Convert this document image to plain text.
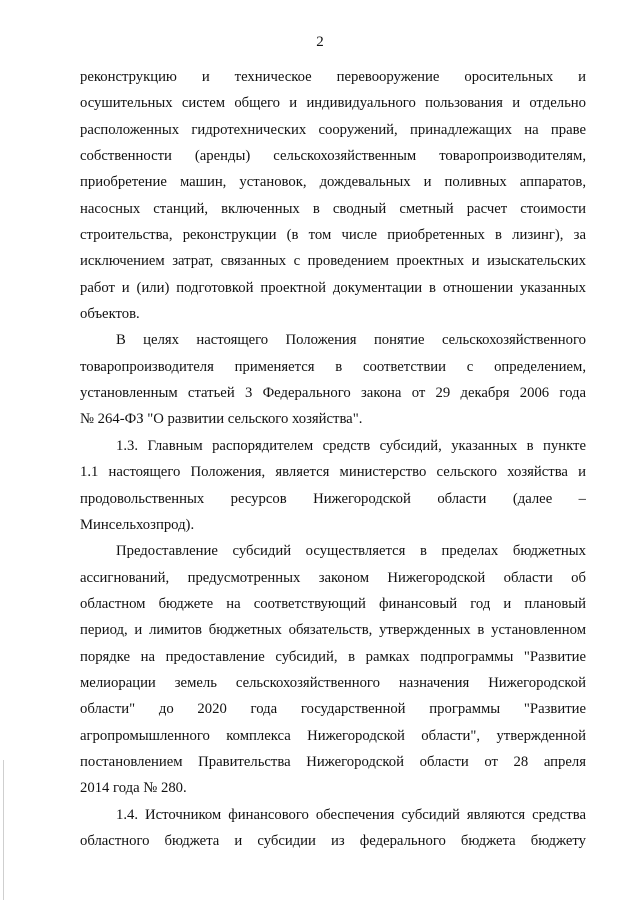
2
реконструкцию и техническое перевооружение оросительных и
осушительных систем общего и индивидуального пользования и отдельно
расположенных гидротехнических сооружений, принадлежащих на праве
собственности (аренды) сельскохозяйственным товаропроизводителям,
приобретение машин, установок, дождевальных и поливных аппаратов,
насосных станций, включенных в сводный сметный расчет стоимости
строительства, реконструкции (в том числе приобретенных в лизинг), за
исключением затрат, связанных с проведением проектных и изыскательских
работ и (или) подготовкой проектной документации в отношении указанных
объектов.
В целях настоящего Положения понятие сельскохозяйственного
товаропроизводителя применяется в соответствии с определением,
установленным статьей 3 Федерального закона от 29 декабря 2006 года
№ 264-ФЗ "О развитии сельского хозяйства".
1.3. Главным распорядителем средств субсидий, указанных в пункте
1.1 настоящего Положения, является министерство сельского хозяйства и
продовольственных ресурсов Нижегородской области (далее –
Минсельхозпрод).
Предоставление субсидий осуществляется в пределах бюджетных
ассигнований, предусмотренных законом Нижегородской области об
областном бюджете на соответствующий финансовый год и плановый
период, и лимитов бюджетных обязательств, утвержденных в установленном
порядке на предоставление субсидий, в рамках подпрограммы "Развитие
мелиорации земель сельскохозяйственного назначения Нижегородской
области" до 2020 года государственной программы "Развитие
агропромышленного комплекса Нижегородской области", утвержденной
постановлением Правительства Нижегородской области от 28 апреля
2014 года № 280.
1.4. Источником финансового обеспечения субсидий являются средства
областного бюджета и субсидии из федерального бюджета бюджету
